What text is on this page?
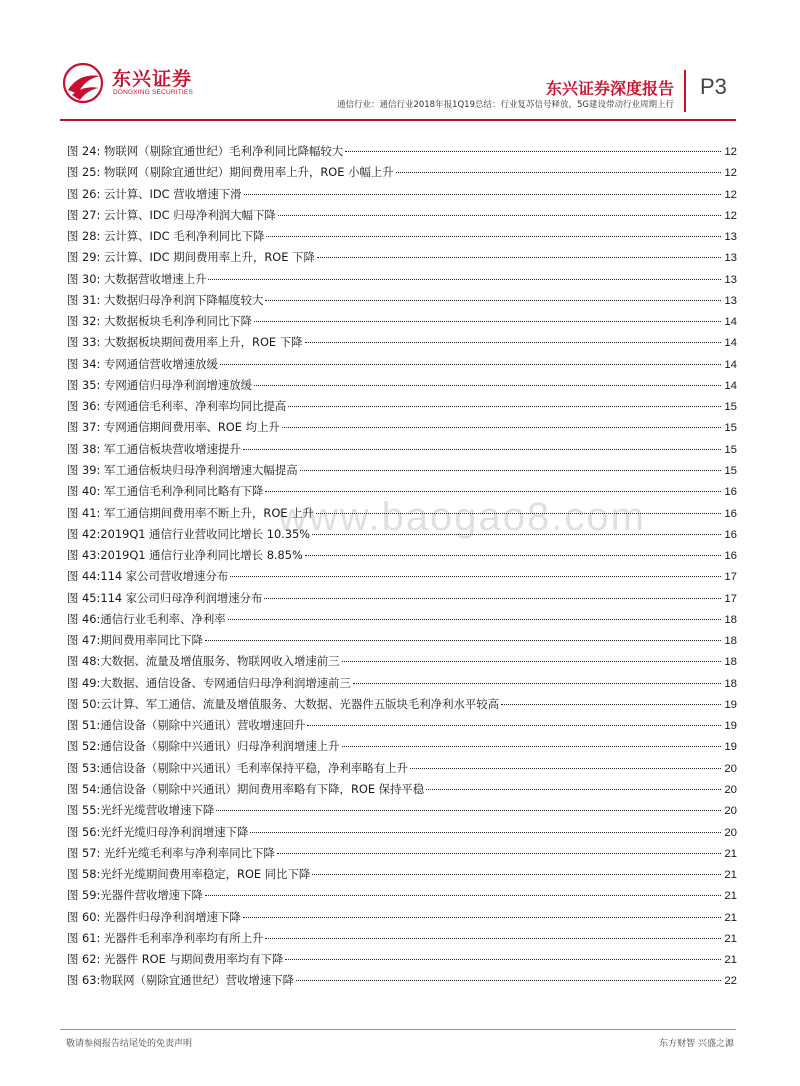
东兴证券
DONGXING SECURITIES	东兴证券深度报告
通信行业：通信行业2018年报1Q19总结：行业复苏信号释放，5G建设带动行业周期上行
P3
www.baogao8.com
图 24: 物联网（剔除宜通世纪）毛利净利同比降幅较大	12
图 25: 物联网（剔除宜通世纪）期间费用率上升，ROE 小幅上升	12
图 26: 云计算、IDC 营收增速下滑	12
图 27: 云计算、IDC 归母净利润大幅下降	12
图 28: 云计算、IDC 毛利净利同比下降	13
图 29: 云计算、IDC 期间费用率上升，ROE 下降	13
图 30: 大数据营收增速上升	13
图 31: 大数据归母净利润下降幅度较大	13
图 32: 大数据板块毛利净利同比下降	14
图 33: 大数据板块期间费用率上升，ROE 下降	14
图 34: 专网通信营收增速放缓	14
图 35: 专网通信归母净利润增速放缓	14
图 36: 专网通信毛利率、净利率均同比提高	15
图 37: 专网通信期间费用率、ROE 均上升	15
图 38: 军工通信板块营收增速提升	15
图 39: 军工通信板块归母净利润增速大幅提高	15
图 40: 军工通信毛利净利同比略有下降	16
图 41: 军工通信期间费用率不断上升，ROE 上升	16
图 42:2019Q1 通信行业营收同比增长 10.35%	16
图 43:2019Q1 通信行业净利同比增长 8.85%	16
图 44:114 家公司营收增速分布	17
图 45:114 家公司归母净利润增速分布	17
图 46:通信行业毛利率、净利率	18
图 47:期间费用率同比下降	18
图 48:大数据、流量及增值服务、物联网收入增速前三	18
图 49:大数据、通信设备、专网通信归母净利润增速前三	18
图 50:云计算、军工通信、流量及增值服务、大数据、光器件五版块毛利净利水平较高	19
图 51:通信设备（剔除中兴通讯）营收增速回升	19
图 52:通信设备（剔除中兴通讯）归母净利润增速上升	19
图 53:通信设备（剔除中兴通讯）毛利率保持平稳，净利率略有上升	20
图 54:通信设备（剔除中兴通讯）期间费用率略有下降，ROE 保持平稳	20
图 55:光纤光缆营收增速下降	20
图 56:光纤光缆归母净利润增速下降	20
图 57: 光纤光缆毛利率与净利率同比下降	21
图 58:光纤光缆期间费用率稳定，ROE 同比下降	21
图 59:光器件营收增速下降	21
图 60: 光器件归母净利润增速下降	21
图 61: 光器件毛利率净利率均有所上升	21
图 62: 光器件 ROE 与期间费用率均有下降	21
图 63:物联网（剔除宜通世纪）营收增速下降	22
敬请参阅报告结尾处的免责声明	东方财智 兴盛之源
